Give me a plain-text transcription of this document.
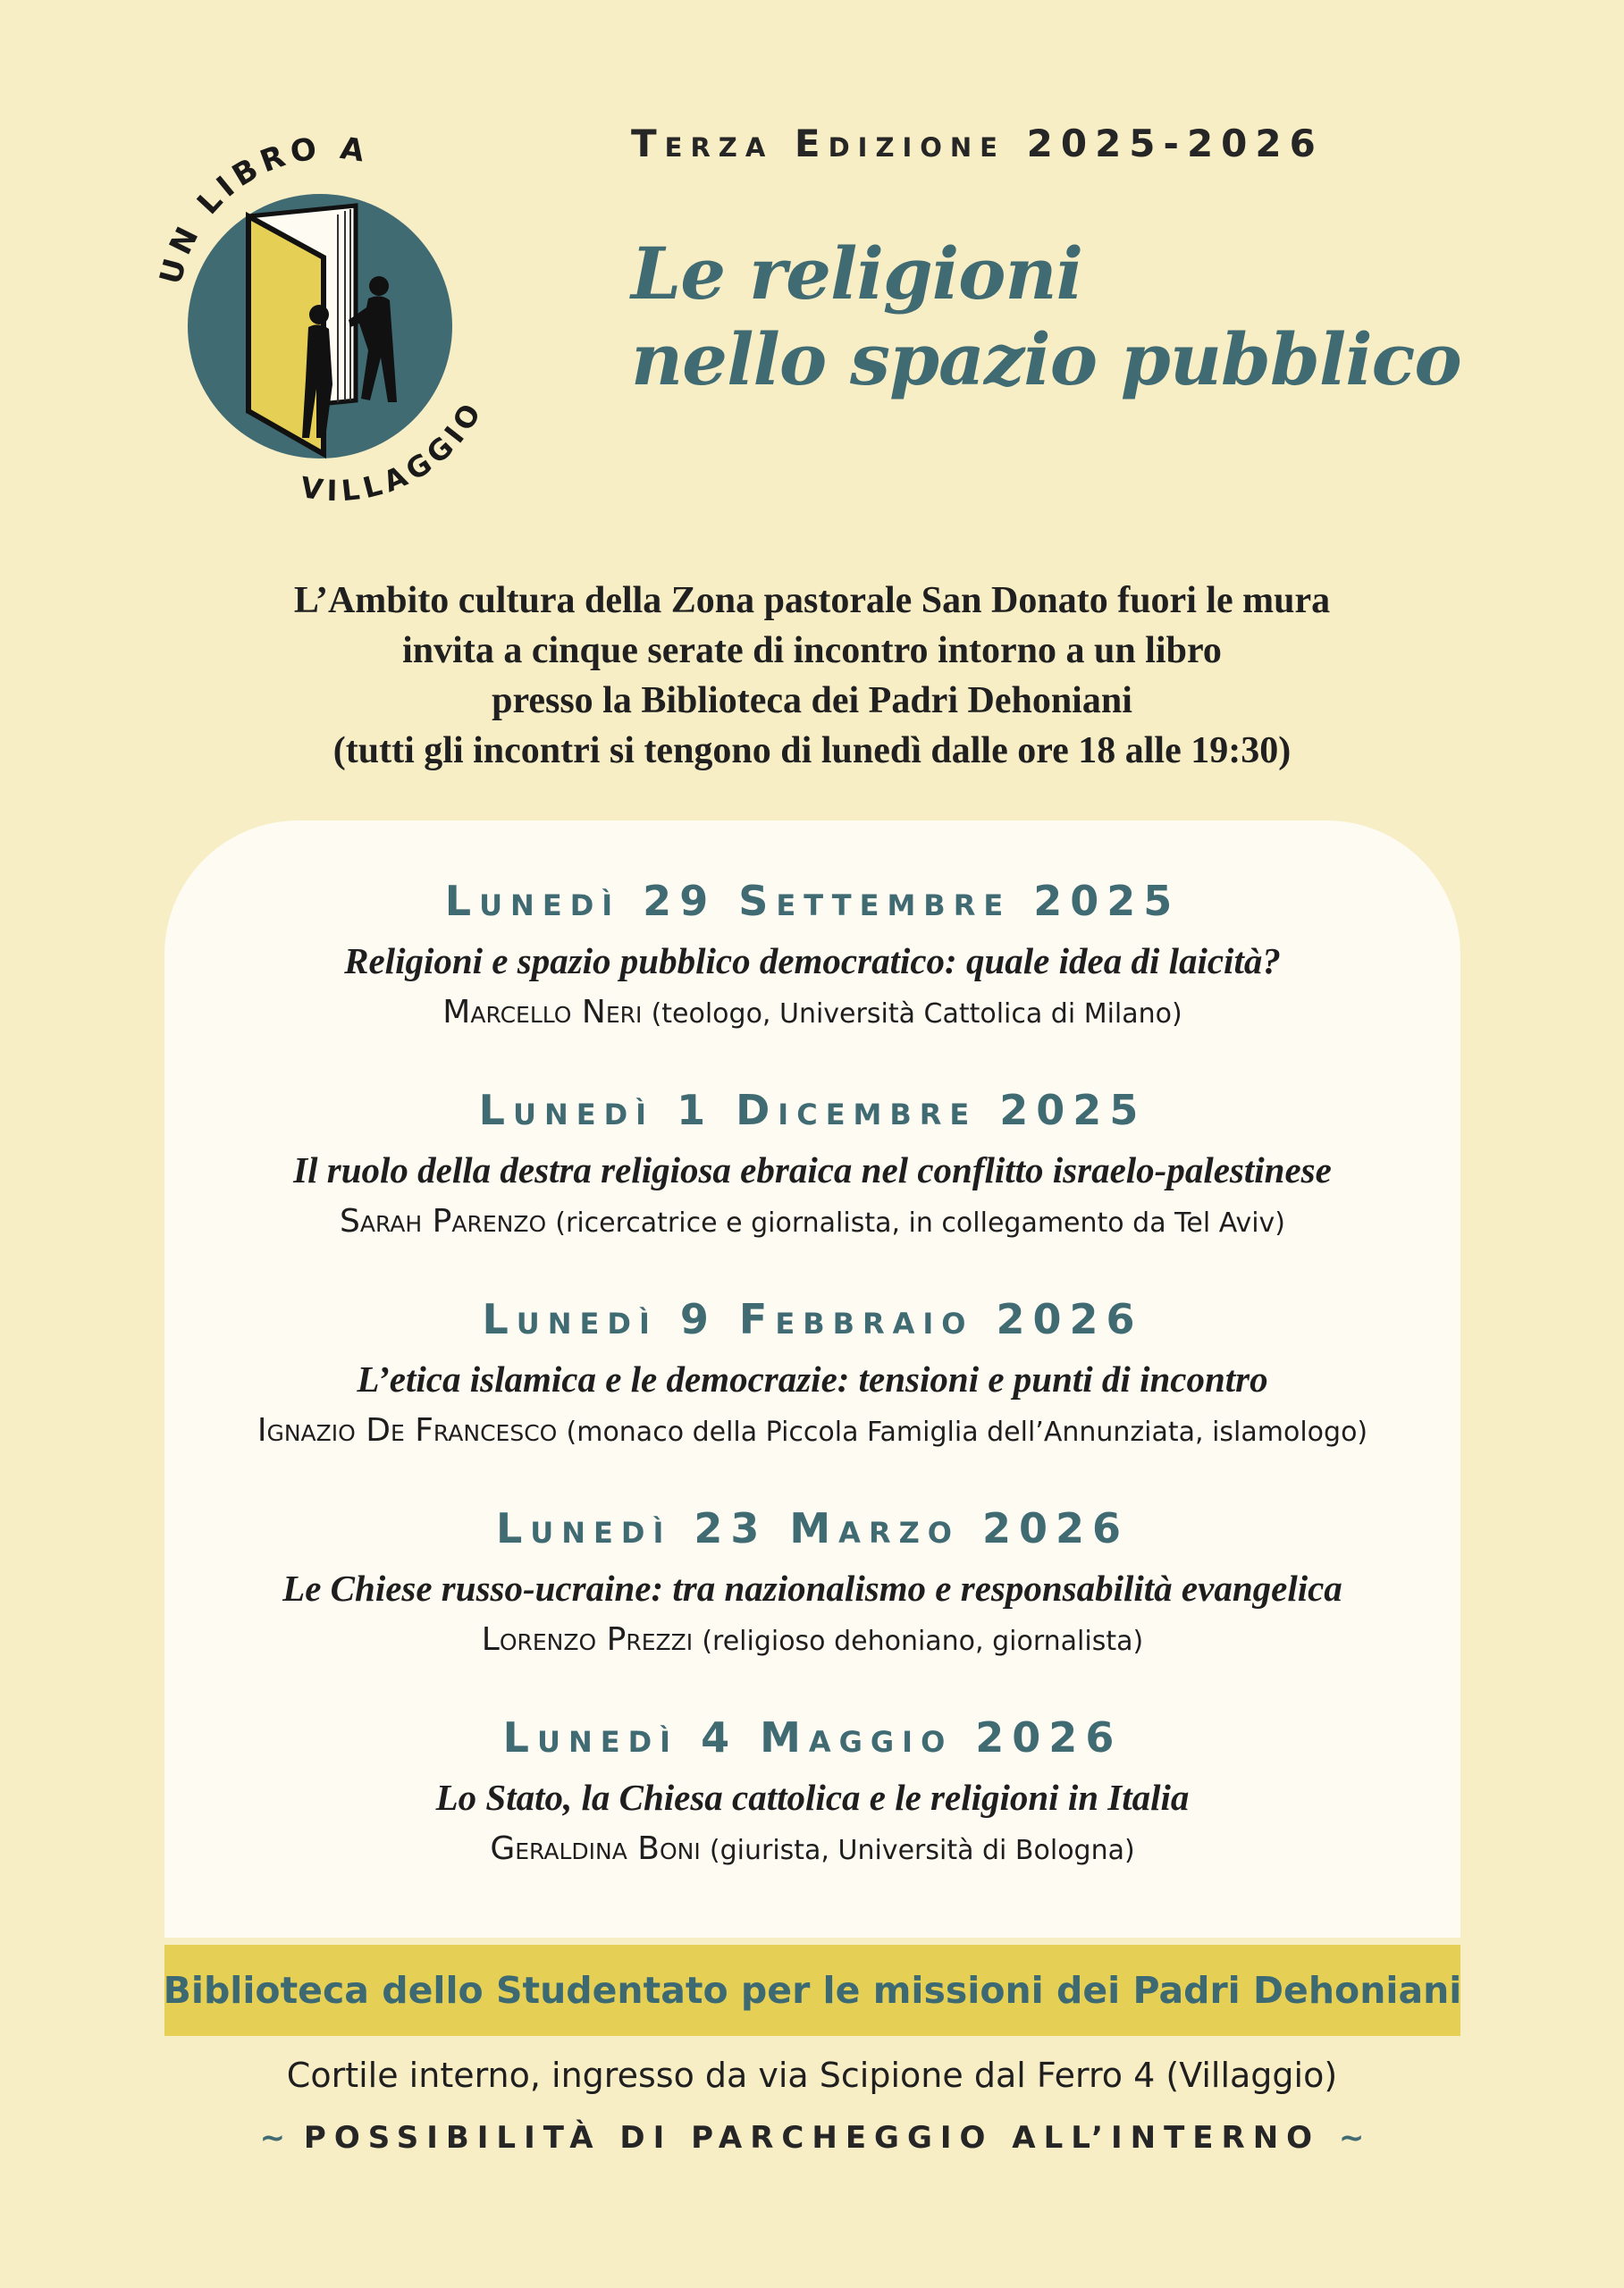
UN LIBRO A
VILLAGGIO
Terza Edizione 2025-2026
Le religioni
nello spazio pubblico
L’Ambito cultura della Zona pastorale San Donato fuori le mura
invita a cinque serate di incontro intorno a un libro
presso la Biblioteca dei Padri Dehoniani
(tutti gli incontri si tengono di lunedì dalle ore 18 alle 19:30)
Lunedì 29 Settembre 2025
Religioni e spazio pubblico democratico: quale idea di laicità?
Marcello Neri (teologo, Università Cattolica di Milano)
Lunedì 1 Dicembre 2025
Il ruolo della destra religiosa ebraica nel conflitto israelo-palestinese
Sarah Parenzo (ricercatrice e giornalista, in collegamento da Tel Aviv)
Lunedì 9 Febbraio 2026
L’etica islamica e le democrazie: tensioni e punti di incontro
Ignazio De Francesco (monaco della Piccola Famiglia dell’Annunziata, islamologo)
Lunedì 23 Marzo 2026
Le Chiese russo-ucraine: tra nazionalismo e responsabilità evangelica
Lorenzo Prezzi (religioso dehoniano, giornalista)
Lunedì 4 Maggio 2026
Lo Stato, la Chiesa cattolica e le religioni in Italia
Geraldina Boni (giurista, Università di Bologna)
Biblioteca dello Studentato per le missioni dei Padri Dehoniani
Cortile interno, ingresso da via Scipione dal Ferro 4 (Villaggio)
~ POSSIBILITÀ DI PARCHEGGIO ALL’INTERNO ~
